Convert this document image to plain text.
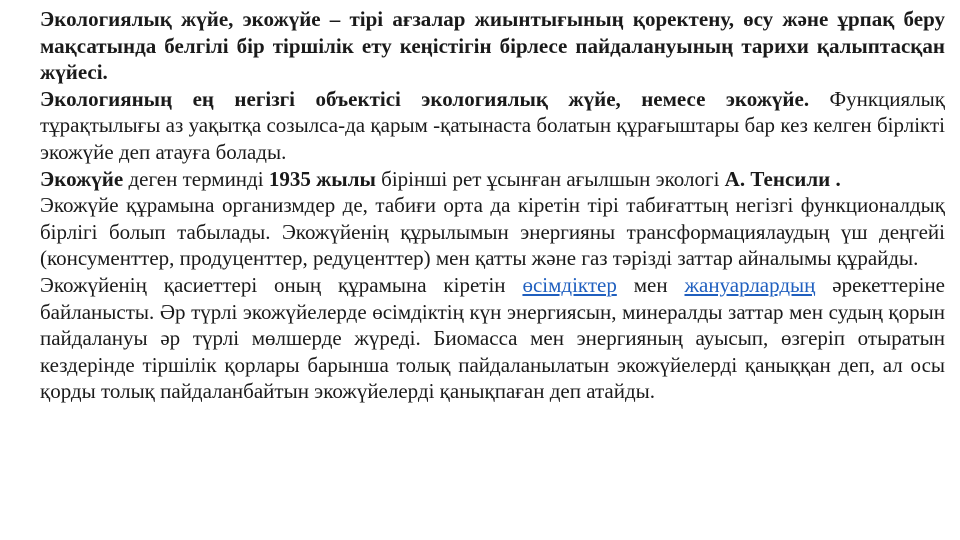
Экологиялық жүйе, экожүйе – тірі ағзалар жиынтығының қоректену, өсу және ұрпақ беру мақсатында белгілі бір тіршілік ету кеңістігін бірлесе пайдалануының тарихи қалыптасқан жүйесі.

Экологияның ең негізгі объектісі экологиялық жүйе, немесе экожүйе. Функциялық тұрақтылығы аз уақытқа созылса-да қарым -қатынаста болатын құрағыштары бар кез келген бірлікті экожүйе деп атауға болады.

Экожүйе деген терминді 1935 жылы бірінші рет ұсынған ағылшын экологі А. Тенсили .

Экожүйе құрамына организмдер де, табиғи орта да кіретін тірі табиғаттың негізгі функционалдық бірлігі болып табылады. Экожүйенің құрылымын энергияны трансформациялаудың үш деңгейі (консументтер, продуценттер, редуценттер) мен қатты және газ тәрізді заттар айналымы құрайды.

Экожүйенің қасиеттері оның құрамына кіретін өсімдіктер мен жануарлардың әрекеттеріне байланысты. Әр түрлі экожүйелерде өсімдіктің күн энергиясын, минералды заттар мен судың қорын пайдалануы әр түрлі мөлшерде жүреді. Биомасса мен энергияның ауысып, өзгеріп отыратын кездерінде тіршілік қорлары барынша толық пайдаланылатын экожүйелерді қаныққан деп, ал осы қорды толық пайдаланбайтын экожүйелерді қанықпаған деп атайды.
